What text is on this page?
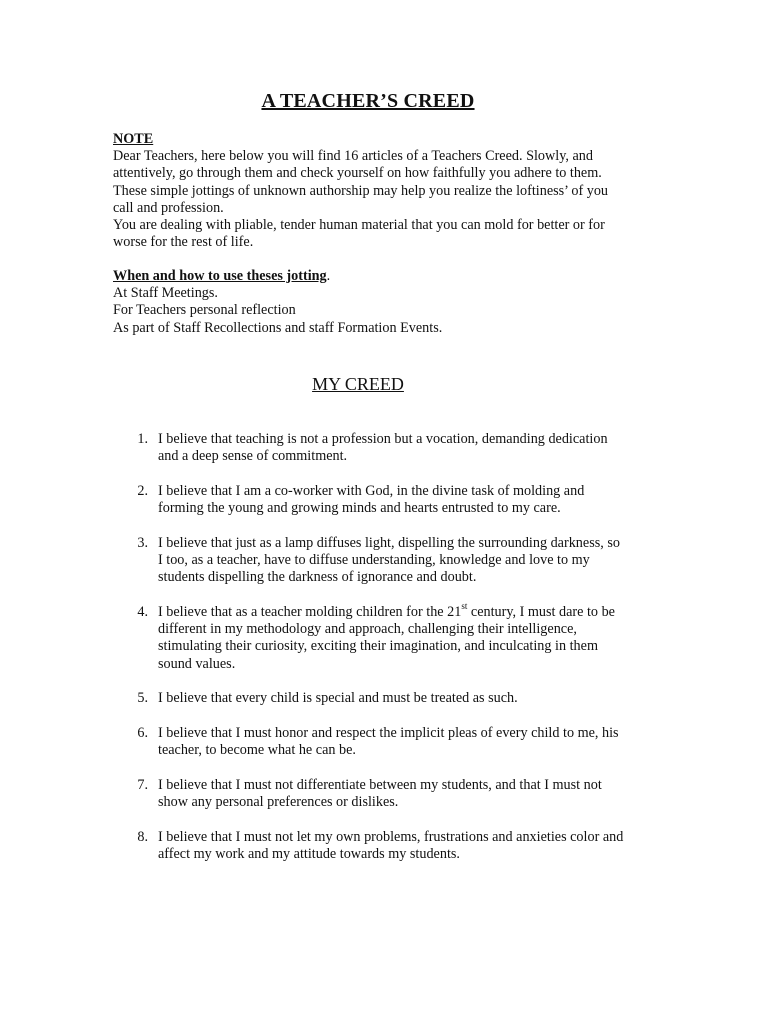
A TEACHER’S CREED
NOTE
Dear Teachers, here below you will find 16 articles of a Teachers Creed. Slowly, and
attentively, go through them and check yourself on how faithfully you adhere to them.
These simple jottings of unknown authorship may help you realize the loftiness’ of you
call and profession.
You are dealing with pliable, tender human material that you can mold for better or for
worse for the rest of life.
When and how to use theses jotting.
At Staff Meetings.
For Teachers personal reflection
As part of Staff Recollections and staff Formation Events.
MY CREED
1. I believe that teaching is not a profession but a vocation, demanding dedication
and a deep sense of commitment.
2. I believe that I am a co-worker with God, in the divine task of molding and
forming the young and growing minds and hearts entrusted to my care.
3. I believe that just as a lamp diffuses light, dispelling the surrounding darkness, so
I too, as a teacher, have to diffuse understanding, knowledge and love to my
students dispelling the darkness of ignorance and doubt.
4. I believe that as a teacher molding children for the 21st century, I must dare to be
different in my methodology and approach, challenging their intelligence,
stimulating their curiosity, exciting their imagination, and inculcating in them
sound values.
5. I believe that every child is special and must be treated as such.
6. I believe that I must honor and respect the implicit pleas of every child to me, his
teacher, to become what he can be.
7. I believe that I must not differentiate between my students, and that I must not
show any personal preferences or dislikes.
8. I believe that I must not let my own problems, frustrations and anxieties color and
affect my work and my attitude towards my students.
